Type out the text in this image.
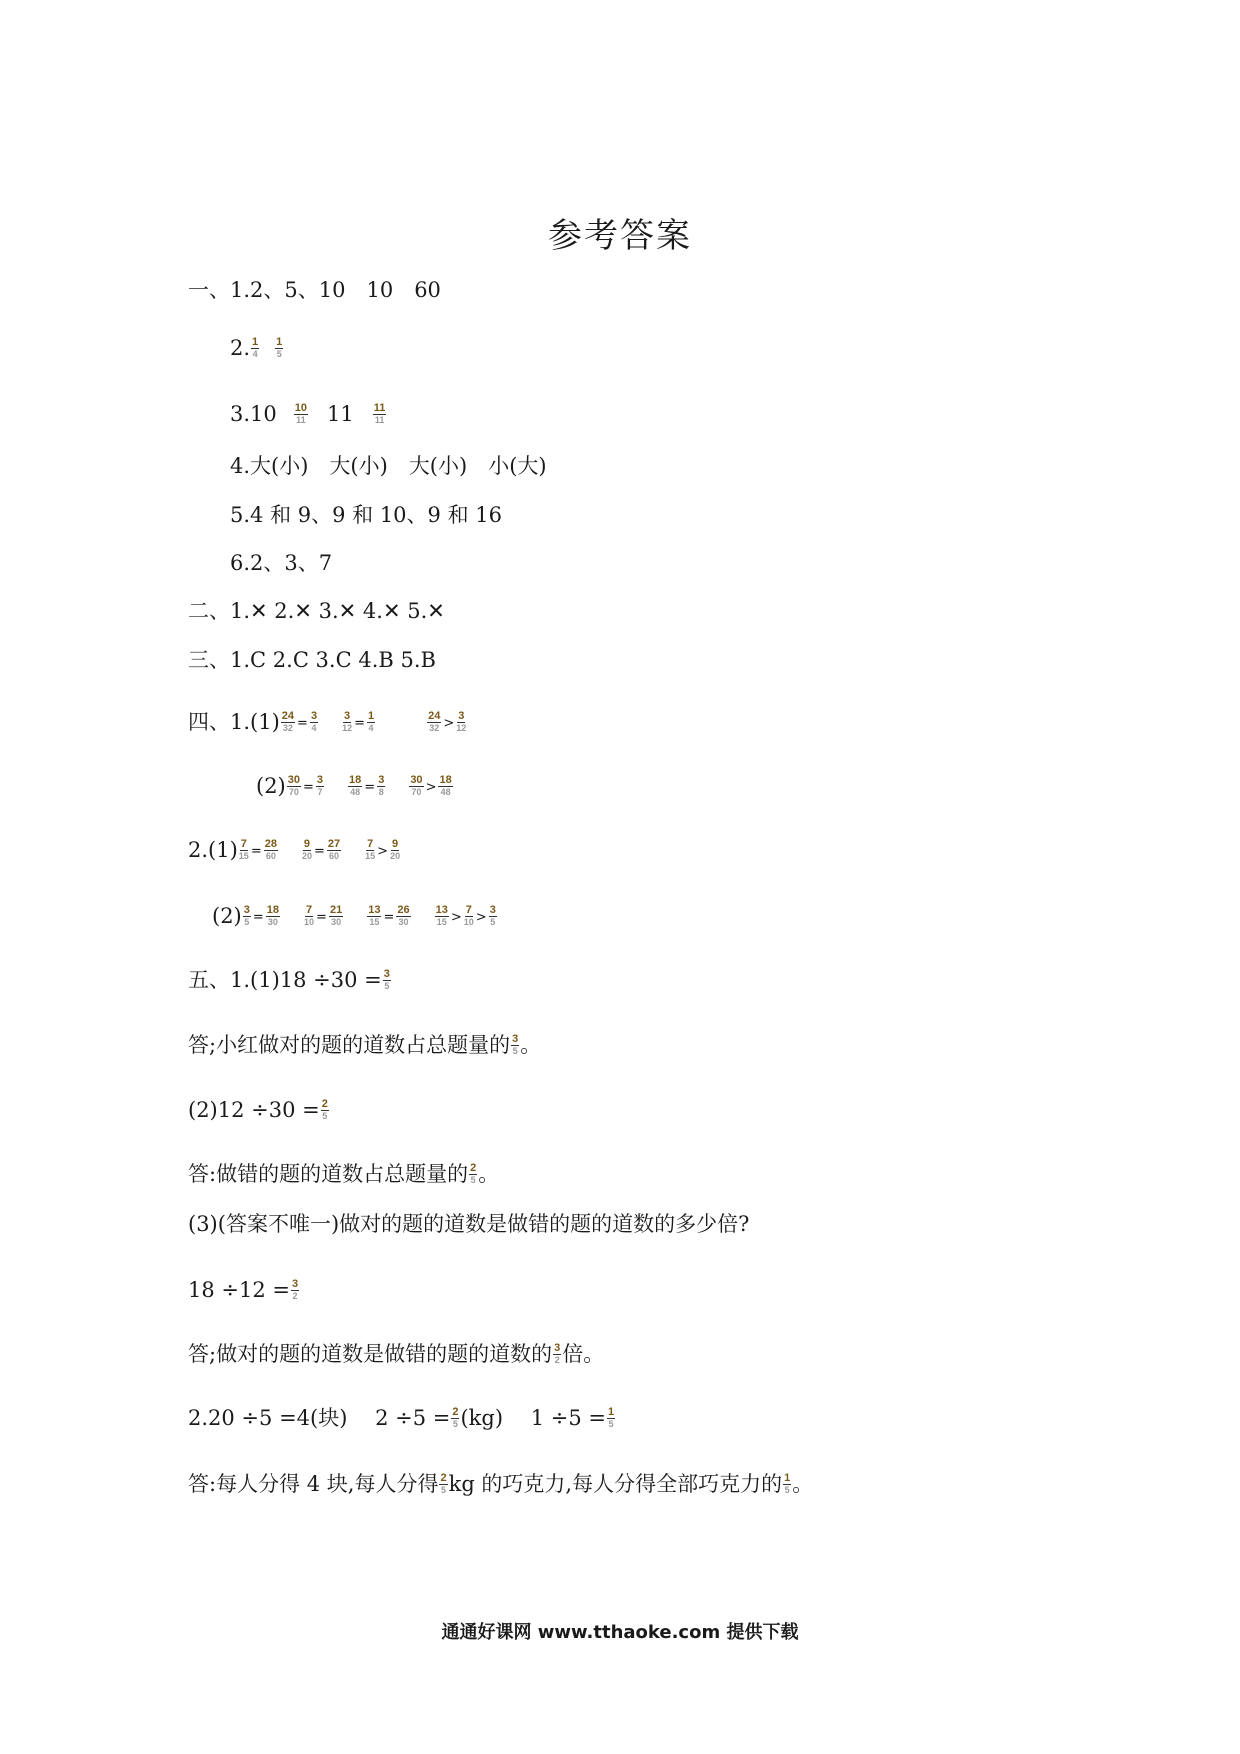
参考答案
一、1.2、5、10　10　60
2. $\frac{1}{4} \frac{1}{5}$
$3.10 \frac{10}{11} 11 \frac{11}{11}$
4.大(小)　大(小)　大(小)　小(大)
5.4 和 9、9 和 10、9 和 16
6.2、3、7
二、1.✕ 2.✕ 3.✕ 4.✕ 5.✕
三、1.C 2.C 3.C 4.B 5.B
四、$1.(1) \frac{24}{32} = \frac{3}{4} \frac{3}{12} = \frac{1}{4}$	$\frac{24}{32} > \frac{3}{12}$
$(2) \frac{30}{70} = \frac{3}{7} \frac{18}{48} = \frac{3}{8} \frac{30}{70} > \frac{18}{48}$
$2.(1) \frac{7}{15} = \frac{28}{60} \frac{9}{20} = \frac{27}{60} \frac{7}{15} > \frac{9}{20}$
$(2) \frac{3}{5} = \frac{18}{30} \frac{7}{10} = \frac{21}{30} \frac{13}{15} = \frac{26}{30} \frac{13}{15} > \frac{7}{10} > \frac{3}{5}$
五、$1.(1)18 \div 30 = \frac{3}{5}$
答;小红做对的题的道数占总题量的 $\frac{3}{5}$ 。
$(2)12 \div 30 = \frac{2}{5}$
答:做错的题的道数占总题量的 $\frac{2}{5}$ 。
(3)(答案不唯一)做对的题的道数是做错的题的道数的多少倍?
$18 \div 12 = \frac{3}{2}$
答;做对的题的道数是做错的题的道数的 $\frac{3}{2}$ 倍。
2.20 ÷5 =4(块)　 $2 \div 5 = \frac{2}{5} (kg)$　 $1 \div 5 = \frac{1}{5}$
答:每人分得 4 块,每人分得 $\frac{2}{5}$ kg 的巧克力,每人分得全部巧克力的 $\frac{1}{5}$ 。
通通好课网 www.tthaoke.com 提供下载
